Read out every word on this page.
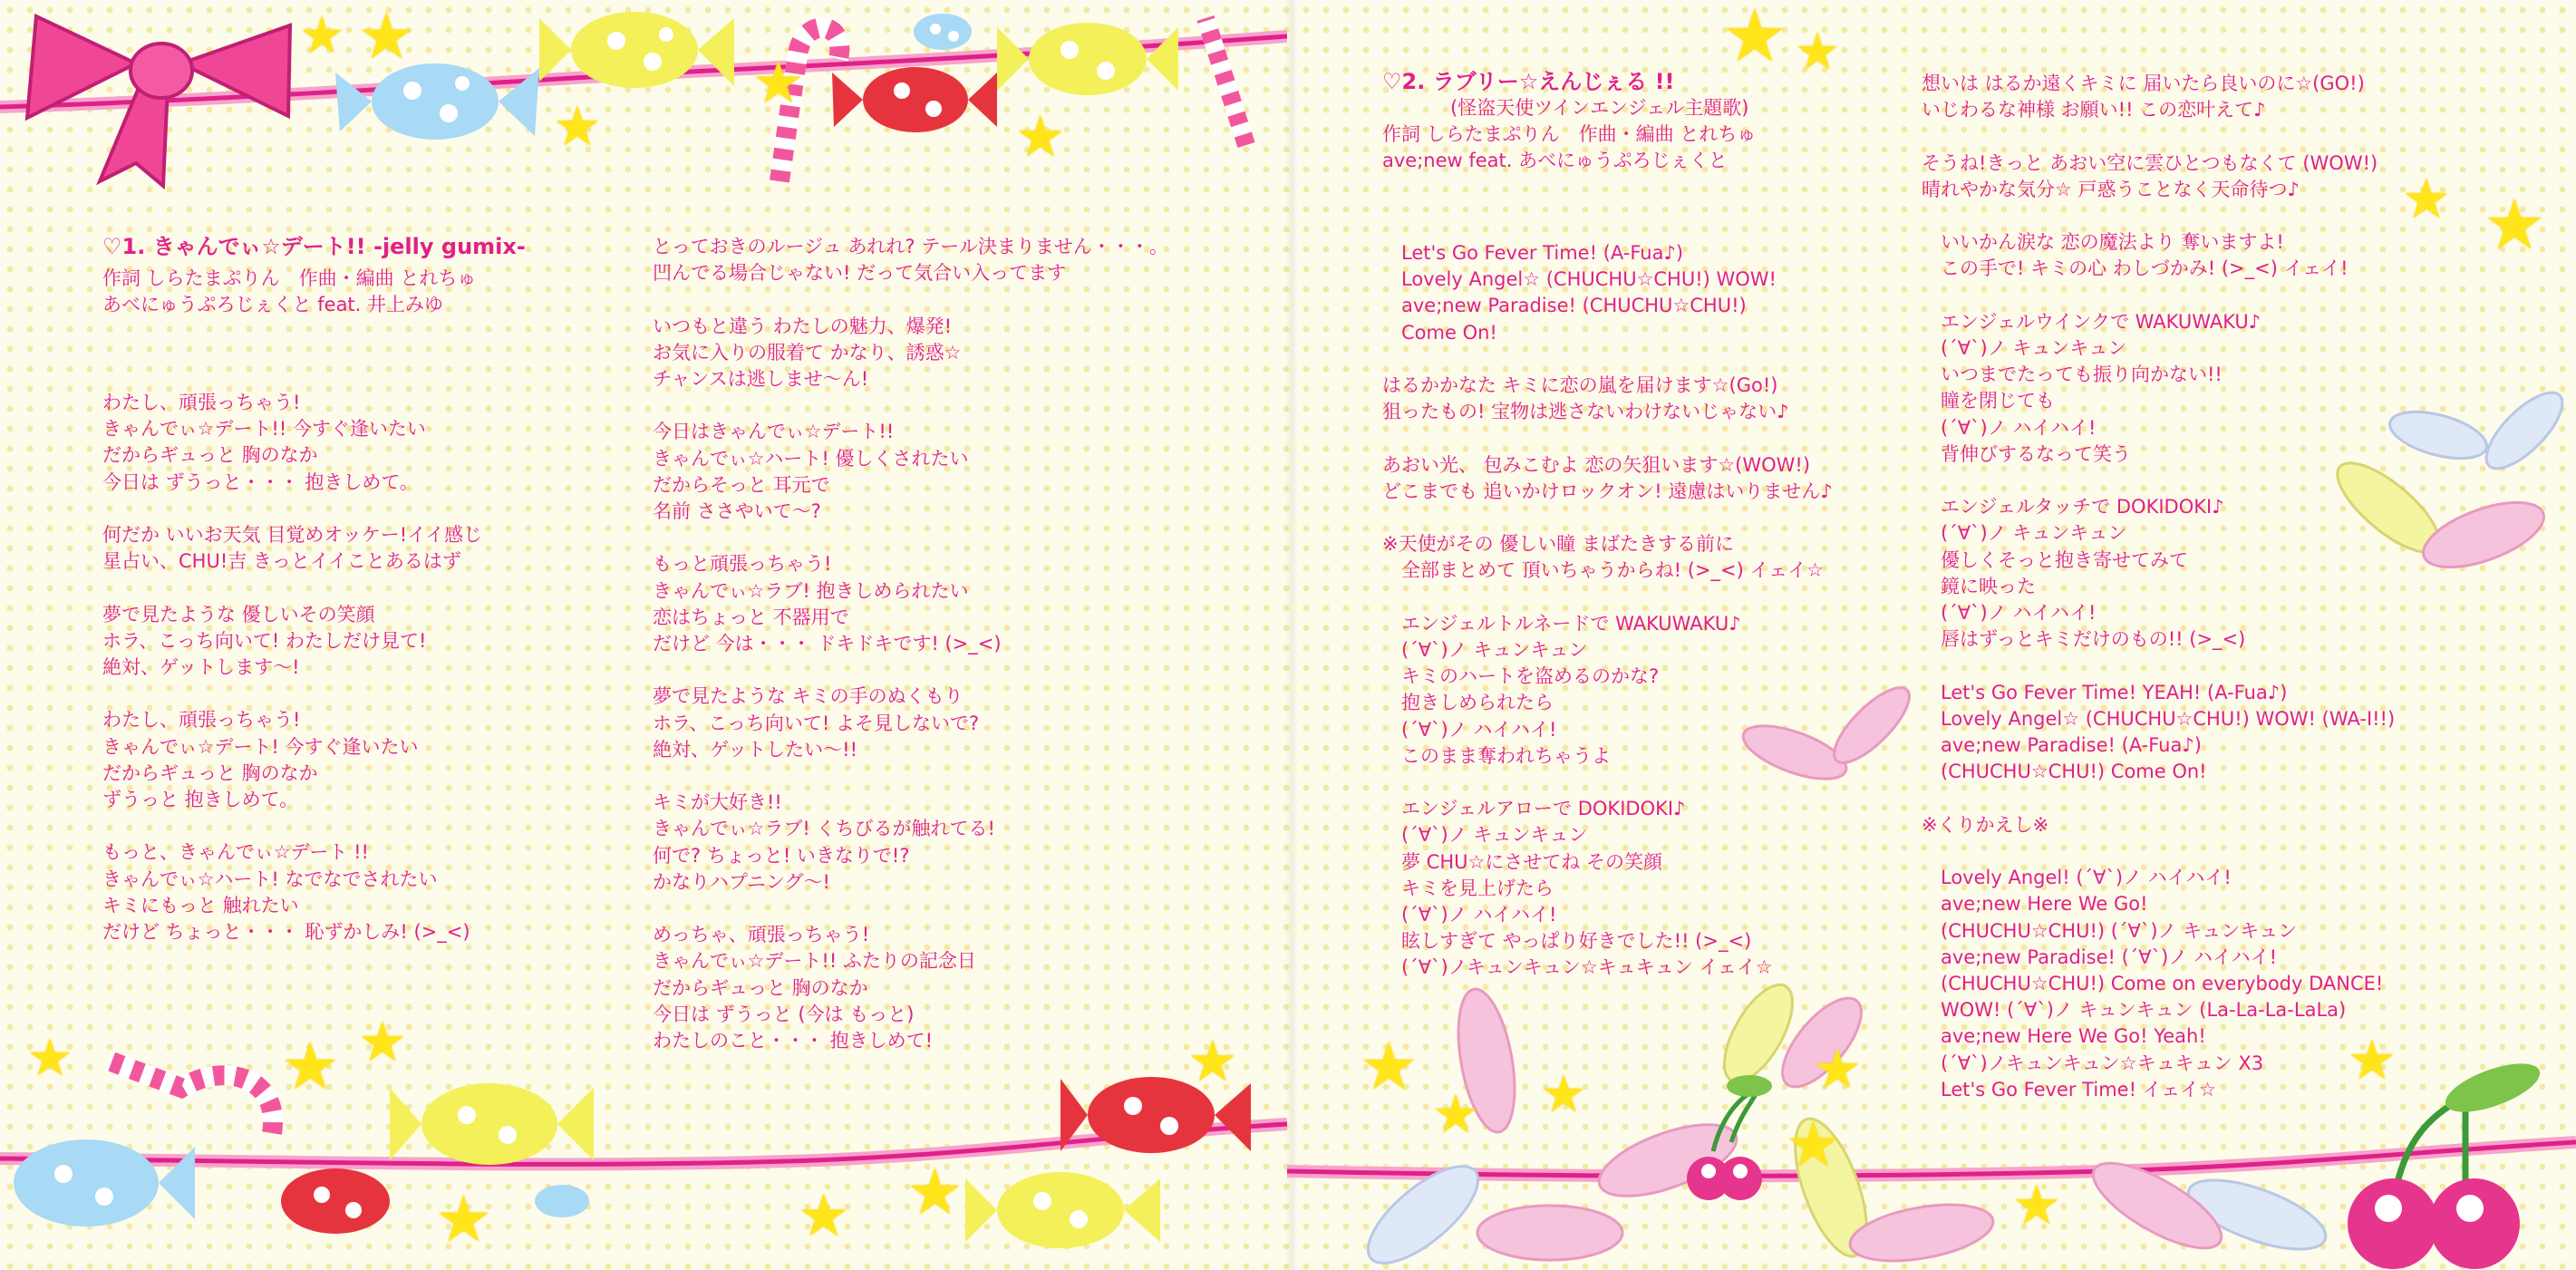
★ ★
★
★
★
★	★ ★
★	★ ★
★
★ ★
★ ★
★
★ ★	★
★
★
★
♡1. きゃんでぃ☆デート!! -jelly gumix-
作詞 しらたまぷりん　作曲・編曲 とれちゅ
あべにゅうぷろじぇくと feat. 井上みゆ
わたし、頑張っちゃう!
きゃんでぃ☆デート!! 今すぐ逢いたい
だからギュっと 胸のなか
今日は ずうっと・・・ 抱きしめて。

何だか いいお天気 目覚めオッケー!イイ感じ
星占い、CHU!吉 きっとイイことあるはず

夢で見たような 優しいその笑顔
ホラ、こっち向いて! わたしだけ見て!
絶対、ゲットします〜!

わたし、頑張っちゃう!
きゃんでぃ☆デート! 今すぐ逢いたい
だからギュっと 胸のなか
ずうっと 抱きしめて。

もっと、きゃんでぃ☆デート !!
きゃんでぃ☆ハート! なでなでされたい
キミにもっと 触れたい
だけど ちょっと・・・ 恥ずかしみ! (>_<)
とっておきのルージュ あれれ? テール決まりません・・・。
凹んでる場合じゃない! だって気合い入ってます

いつもと違う わたしの魅力、爆発!
お気に入りの服着て かなり、誘惑☆
チャンスは逃しませ〜ん!

今日はきゃんでぃ☆デート!!
きゃんでぃ☆ハート! 優しくされたい
だからそっと 耳元で
名前 ささやいて〜?

もっと頑張っちゃう!
きゃんでぃ☆ラブ! 抱きしめられたい
恋はちょっと 不器用で
だけど 今は・・・ ドキドキです! (>_<)

夢で見たような キミの手のぬくもり
ホラ、こっち向いて! よそ見しないで?
絶対、ゲットしたい〜!!

キミが大好き!!
きゃんでぃ☆ラブ! くちびるが触れてる!
何で? ちょっと! いきなりで!?
かなりハプニング〜!

めっちゃ、頑張っちゃう!
きゃんでぃ☆デート!! ふたりの記念日
だからギュっと 胸のなか
今日は ずうっと (今は もっと)
わたしのこと・・・ 抱きしめて!
♡2. ラブリー☆えんじぇる !!
(怪盗天使ツインエンジェル主題歌)
作詞 しらたまぷりん　作曲・編曲 とれちゅ
ave;new feat. あべにゅうぷろじぇくと
　Let's Go Fever Time! (A-Fua♪)
　Lovely Angel☆ (CHUCHU☆CHU!) WOW!
　ave;new Paradise! (CHUCHU☆CHU!)
　Come On!

はるかかなた キミに恋の嵐を届けます☆(Go!)
狙ったもの! 宝物は逃さないわけないじゃない♪

あおい光、 包みこむよ 恋の矢狙います☆(WOW!)
どこまでも 追いかけロックオン! 遠慮はいりません♪

※天使がその 優しい瞳 まばたきする前に
　全部まとめて 頂いちゃうからね! (>_<) イェイ☆

　エンジェルトルネードで WAKUWAKU♪
　(´∀`)ノ キュンキュン
　キミのハートを盗めるのかな?
　抱きしめられたら
　(´∀`)ノ ハイハイ!
　このまま奪われちゃうよ

　エンジェルアローで DOKIDOKI♪
　(´∀`)ノ キュンキュン
　夢 CHU☆にさせてね その笑顔
　キミを見上げたら
　(´∀`)ノ ハイハイ!
　眩しすぎて やっぱり好きでした!! (>_<)
　(´∀`)ノキュンキュン☆キュキュン イェイ☆
想いは はるか遠くキミに 届いたら良いのに☆(GO!)
いじわるな神様 お願い!! この恋叶えて♪

そうね!きっと あおい空に雲ひとつもなくて (WOW!)
晴れやかな気分☆ 戸惑うことなく天命待つ♪

　いいかん涙な 恋の魔法より 奪いますよ!
　この手で! キミの心 わしづかみ! (>_<) イェイ!

　エンジェルウインクで WAKUWAKU♪
　(´∀`)ノ キュンキュン
　いつまでたっても振り向かない!!
　瞳を閉じても
　(´∀`)ノ ハイハイ!
　背伸びするなって笑う

　エンジェルタッチで DOKIDOKI♪
　(´∀`)ノ キュンキュン
　優しくそっと抱き寄せてみて
　鏡に映った
　(´∀`)ノ ハイハイ!
　唇はずっとキミだけのもの!! (>_<)

　Let's Go Fever Time! YEAH! (A-Fua♪)
　Lovely Angel☆ (CHUCHU☆CHU!) WOW! (WA-I!!)
　ave;new Paradise! (A-Fua♪)
　(CHUCHU☆CHU!) Come On!

※くりかえし※

　Lovely Angel! (´∀`)ノ ハイハイ!
　ave;new Here We Go!
　(CHUCHU☆CHU!) (´∀`)ノ キュンキュン
　ave;new Paradise! (´∀`)ノ ハイハイ!
　(CHUCHU☆CHU!) Come on everybody DANCE!
　WOW! (´∀`)ノ キュンキュン (La-La-La-LaLa)
　ave;new Here We Go! Yeah!
　(´∀`)ノキュンキュン☆キュキュン X3
　Let's Go Fever Time! イェイ☆
